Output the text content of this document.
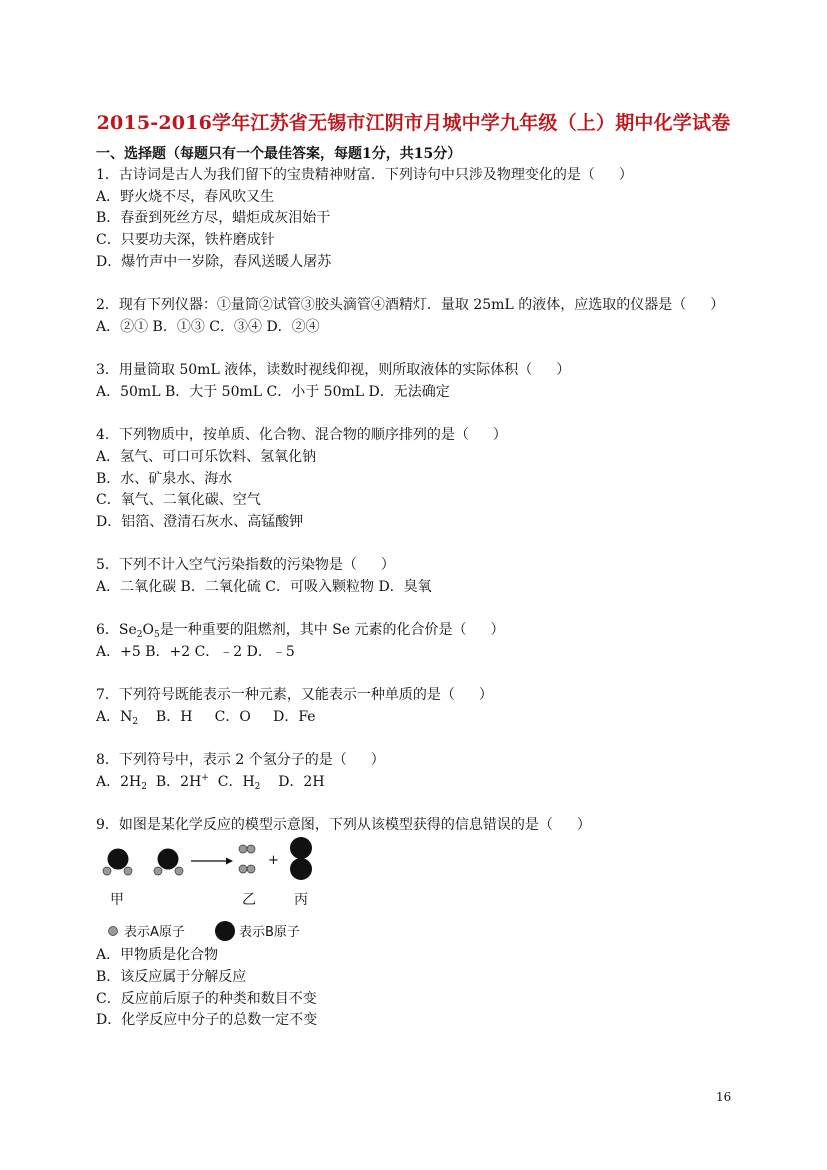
2015-2016学年江苏省无锡市江阴市月城中学九年级（上）期中化学试卷
一、选择题（每题只有一个最佳答案，每题1分，共15分）
1．古诗词是古人为我们留下的宝贵精神财富．下列诗句中只涉及物理变化的是（ ）
A．野火烧不尽，春风吹又生
B．春蚕到死丝方尽，蜡炬成灰泪始干
C．只要功夫深，铁杵磨成针
D．爆竹声中一岁除，春风送暖人屠苏
2．现有下列仪器：①量筒②试管③胶头滴管④酒精灯．量取 25mL 的液体，应选取的仪器是（ ）
A．②① B．①③ C．③④ D．②④
3．用量筒取 50mL 液体，读数时视线仰视，则所取液体的实际体积（ ）
A．50mL B．大于 50mL C．小于 50mL D．无法确定
4．下列物质中，按单质、化合物、混合物的顺序排列的是（ ）
A．氢气、可口可乐饮料、氢氧化钠
B．水、矿泉水、海水
C．氧气、二氧化碳、空气
D．铝箔、澄清石灰水、高锰酸钾
5．下列不计入空气污染指数的污染物是（ ）
A．二氧化碳 B．二氧化硫 C．可吸入颗粒物 D．臭氧
6．$Se_2O_5$是一种重要的阻燃剂，其中 Se 元素的化合价是（ ）
A．+5 B．+2 C．﹣2 D．﹣5
7．下列符号既能表示一种元素，又能表示一种单质的是（ ）
A．$N_2$    B．H     C．O     D．Fe
8．下列符号中，表示 2 个氢分子的是（ ）
A．$2H_2$  B．2H+  C．$H_2$    D．2H
9．如图是某化学反应的模型示意图，下列从该模型获得的信息错误的是（ ）
+
甲	乙	丙
表示A原子	表示B原子
A．甲物质是化合物
B．该反应属于分解反应
C．反应前后原子的种类和数目不变
D．化学反应中分子的总数一定不变
16
